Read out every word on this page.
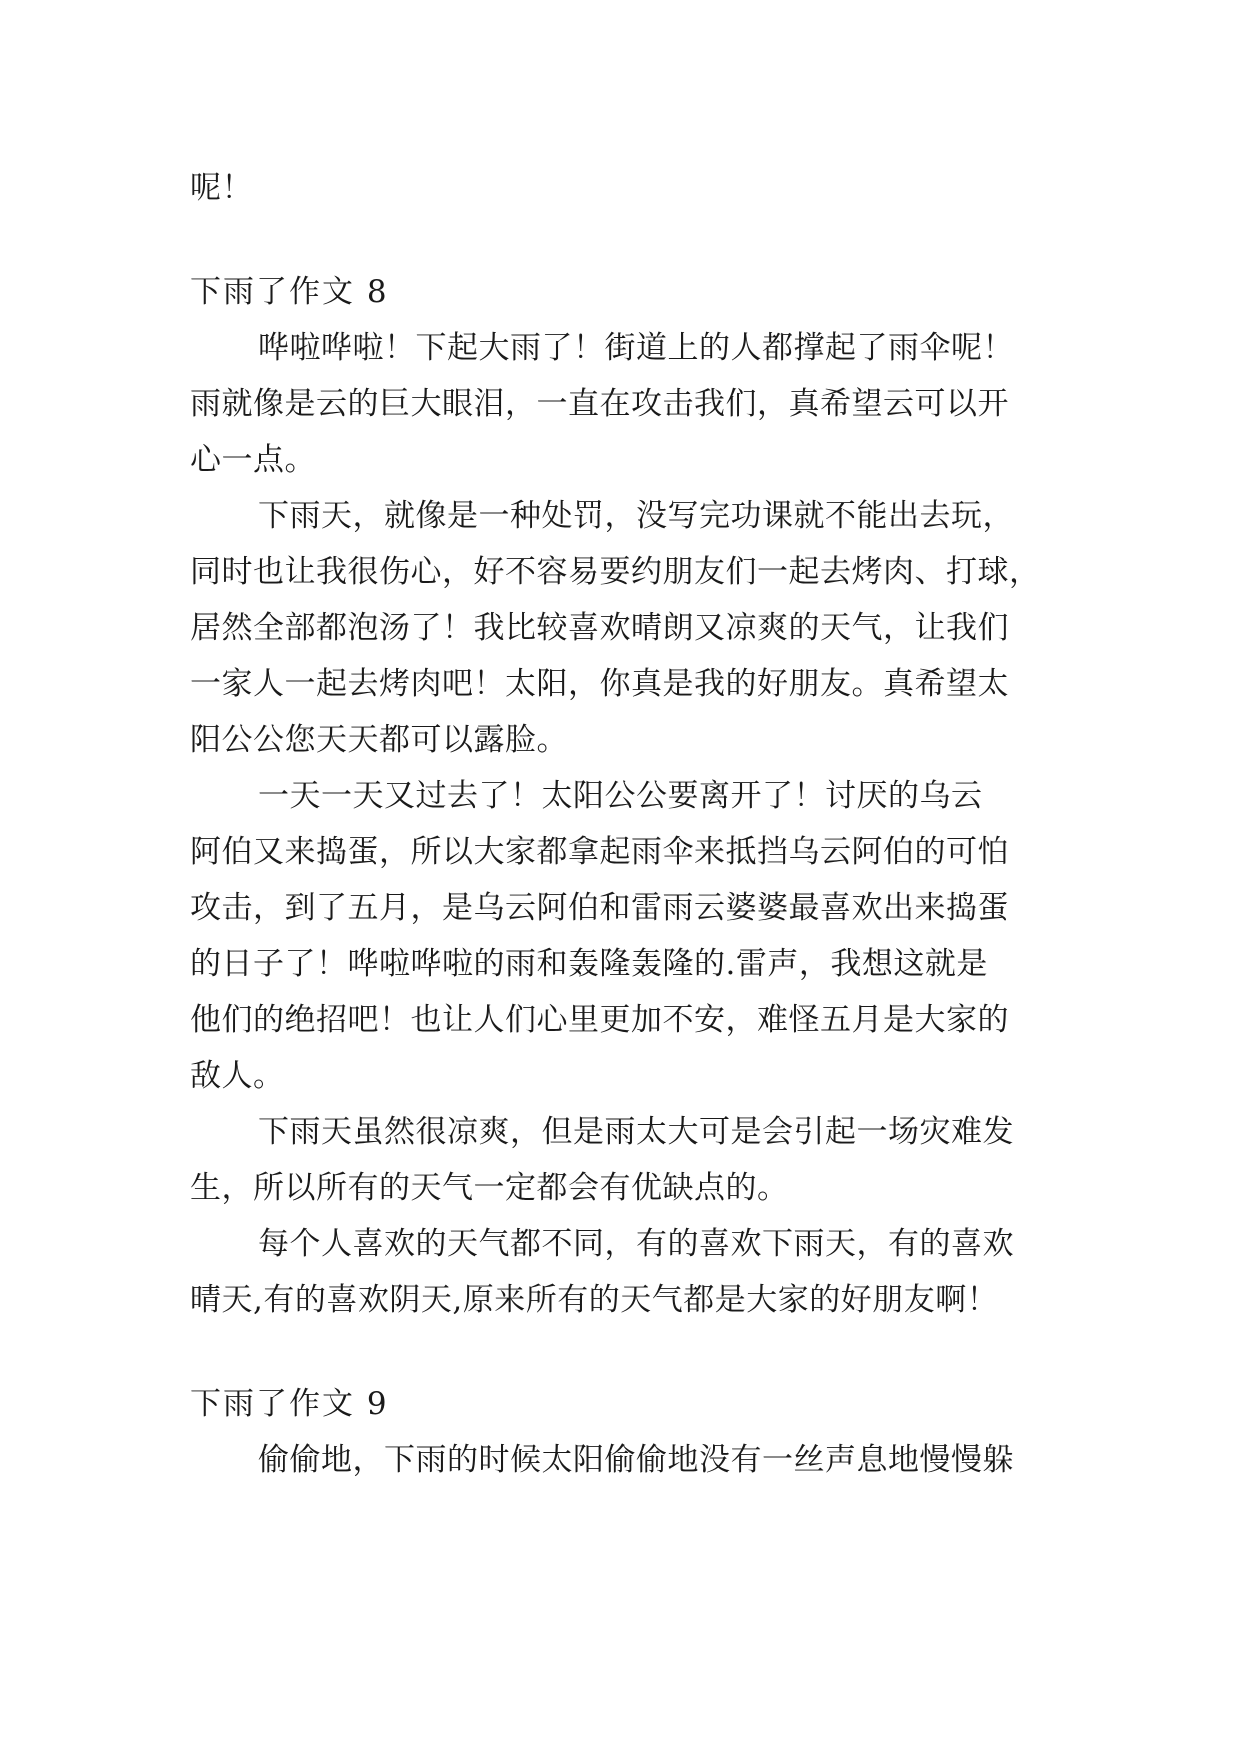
呢！
下雨了作文 8
哗啦哗啦！下起大雨了！街道上的人都撑起了雨伞呢！
雨就像是云的巨大眼泪，一直在攻击我们，真希望云可以开
心一点。
下雨天，就像是一种处罚，没写完功课就不能出去玩，
同时也让我很伤心，好不容易要约朋友们一起去烤肉、打球，
居然全部都泡汤了！我比较喜欢晴朗又凉爽的天气，让我们
一家人一起去烤肉吧！太阳，你真是我的好朋友。真希望太
阳公公您天天都可以露脸。
一天一天又过去了！太阳公公要离开了！讨厌的乌云
阿伯又来捣蛋，所以大家都拿起雨伞来抵挡乌云阿伯的可怕
攻击，到了五月，是乌云阿伯和雷雨云婆婆最喜欢出来捣蛋
的日子了！哗啦哗啦的雨和轰隆轰隆的.雷声，我想这就是
他们的绝招吧！也让人们心里更加不安，难怪五月是大家的
敌人。
下雨天虽然很凉爽，但是雨太大可是会引起一场灾难发
生，所以所有的天气一定都会有优缺点的。
每个人喜欢的天气都不同，有的喜欢下雨天，有的喜欢
晴天,有的喜欢阴天,原来所有的天气都是大家的好朋友啊！
下雨了作文 9
偷偷地，下雨的时候太阳偷偷地没有一丝声息地慢慢躲
